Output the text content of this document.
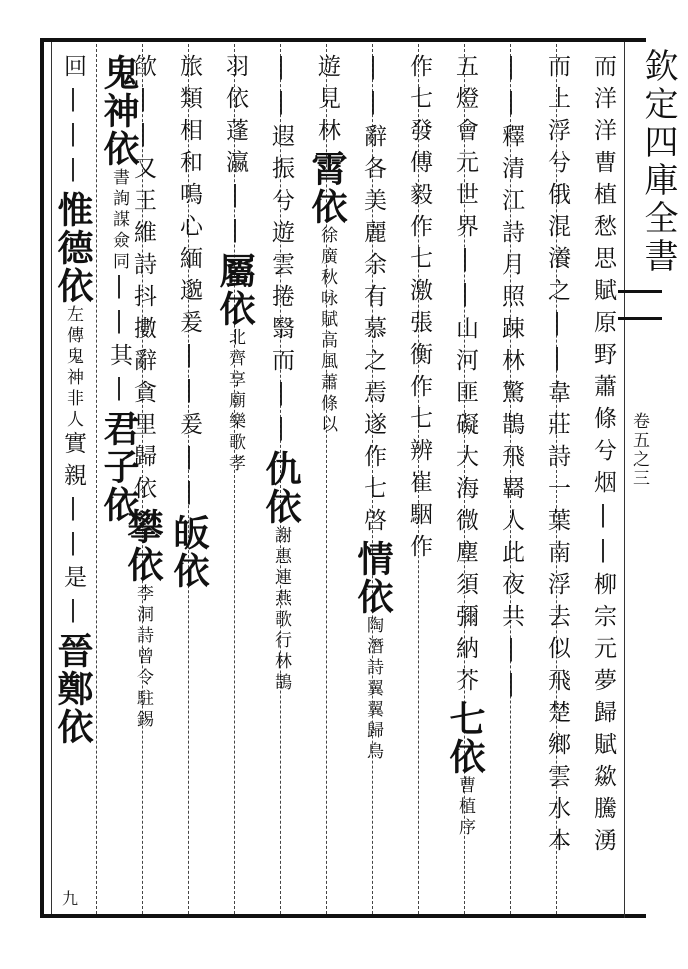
欽定四庫全書
卷五之三
而洋洋曹植愁思賦原野蕭條兮烟||柳宗元夢歸賦歘騰湧
而上浮兮俄混瀁之||韋莊詩一葉南浮去似飛楚鄉雲水本
||釋清江詩月照踈林驚鵲飛羇人此夜共||
五燈會元世界||山河匪礙大海微塵須彌納芥七依曹植序
作七發傅毅作七激張衡作七辨崔駰作
||辭各美麗余有慕之焉遂作七啓情依陶潛詩翼翼歸鳥
遊見林霄依徐廣秋咏賦高風蕭條以
||遐振兮遊雲捲翳而||仇依謝惠連燕歌行林鵲
羽依蓬瀛||屬依北齊享廟樂歌孝
旅類相和鳴心緬邈爰||爰||皈依
欿||又王維詩抖擻辭貪里歸依攀依李洞詩曾令駐錫
鬼神依書詢謀僉同||其|君子依
回|||惟德依左傳鬼神非人實親||是|晉鄭依
九
